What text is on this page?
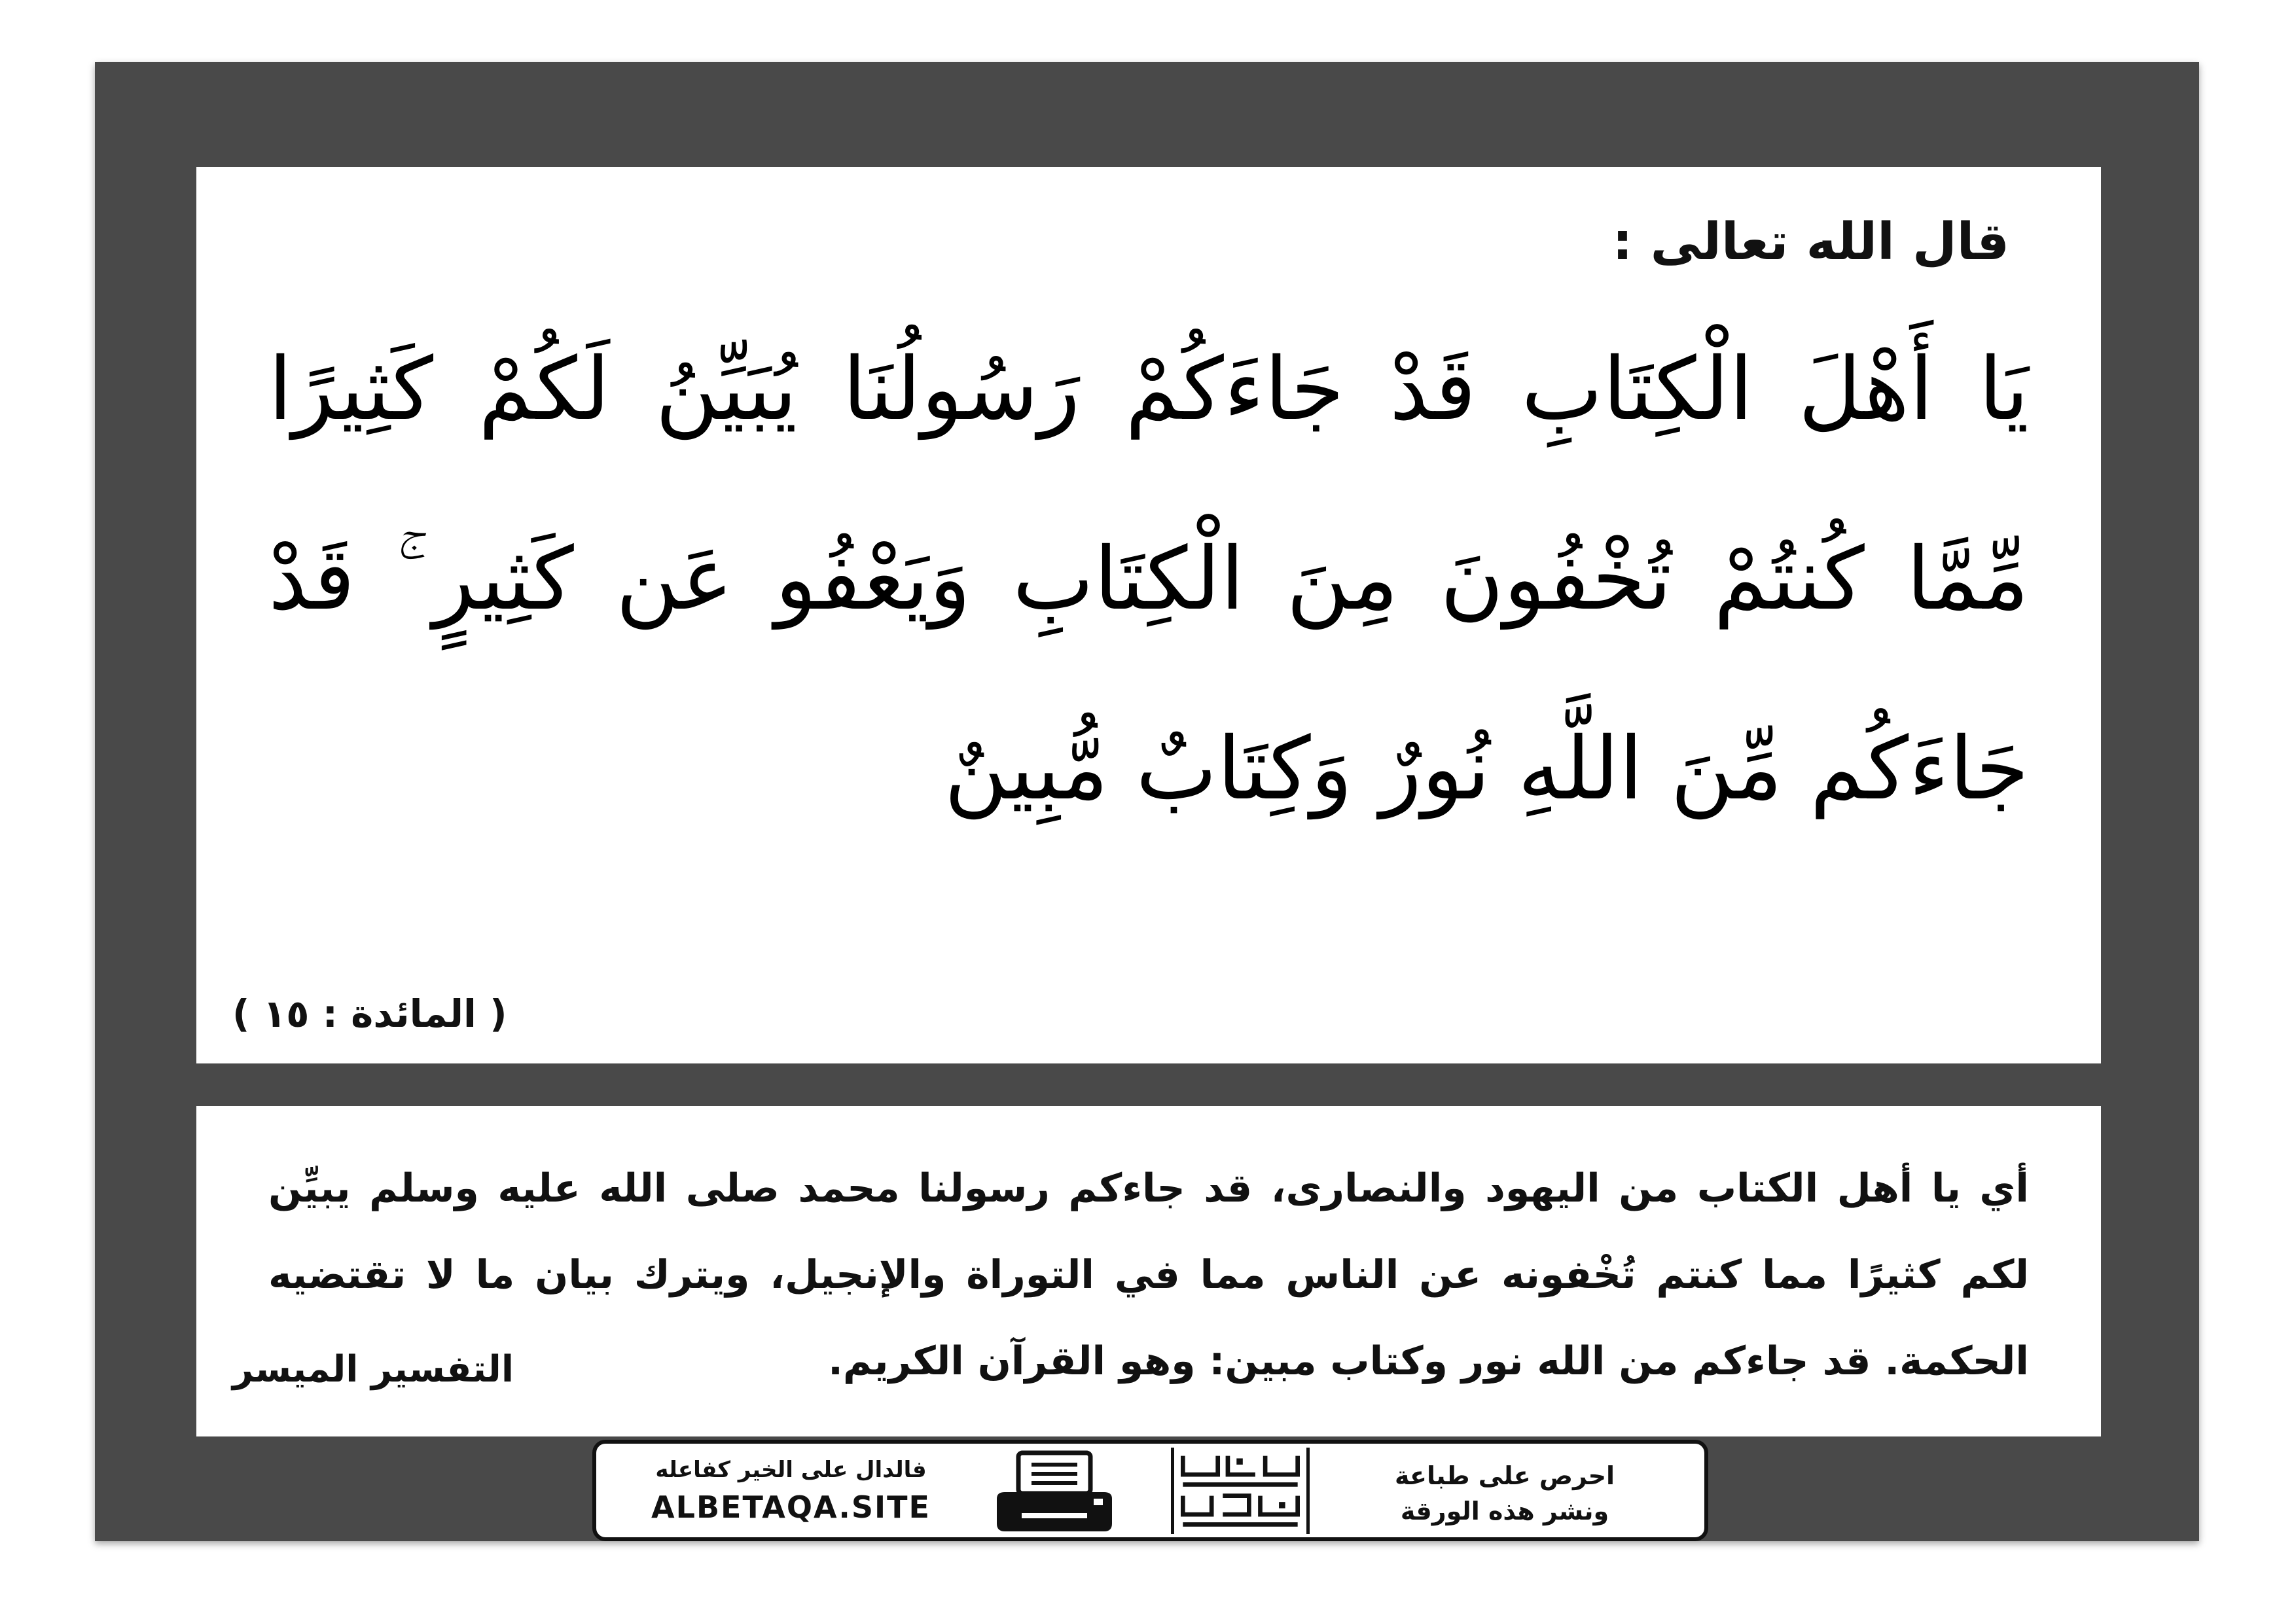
قال الله تعالى :

يَا أَهْلَ الْكِتَابِ قَدْ جَاءَكُمْ رَسُولُنَا يُبَيِّنُ لَكُمْ كَثِيرًا مِّمَّا كُنتُمْ تُخْفُونَ مِنَ الْكِتَابِ وَيَعْفُو عَن كَثِيرٍ ۚ قَدْ جَاءَكُم مِّنَ اللَّهِ نُورٌ وَكِتَابٌ مُّبِينٌ

( المائدة : ١٥ )

أي يا أهل الكتاب من اليهود والنصارى، قد جاءكم رسولنا محمد صلى الله عليه وسلم يبيِّن لكم كثيرًا مما كنتم تُخْفونه عن الناس مما في التوراة والإنجيل، ويترك بيان ما لا تقتضيه الحكمة. قد جاءكم من الله نور وكتاب مبين: وهو القرآن الكريم.

التفسير الميسر
فالدال على الخير كفاعله
ALBETAQA.SITE
احرص على طباعة
ونشر هذه الورقة
